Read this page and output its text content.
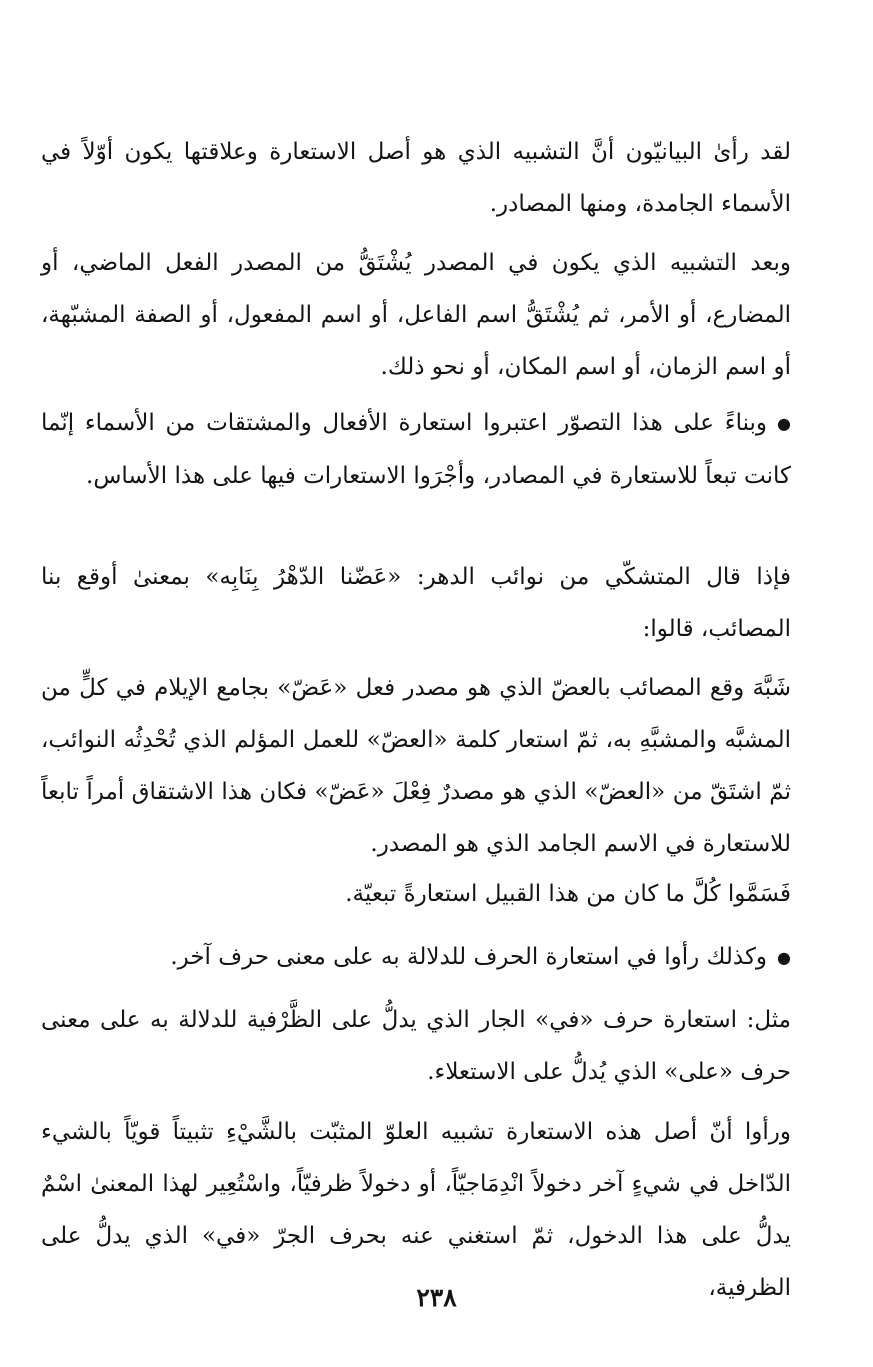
لقد رأىٰ البيانيّون أنَّ التشبيه الذي هو أصل الاستعارة وعلاقتها يكون أوّلاً في الأسماء الجامدة، ومنها المصادر.

وبعد التشبيه الذي يكون في المصدر يُشْتَقُّ من المصدر الفعل الماضي، أو المضارع، أو الأمر، ثم يُشْتَقُّ اسم الفاعل، أو اسم المفعول، أو الصفة المشبّهة، أو اسم الزمان، أو اسم المكان، أو نحو ذلك.

●وبناءً على هذا التصوّر اعتبروا استعارة الأفعال والمشتقات من الأسماء إنّما كانت تبعاً للاستعارة في المصادر، وأجْرَوا الاستعارات فيها على هذا الأساس.

فإذا قال المتشكّي من نوائب الدهر: «عَضّنا الدّهْرُ بِنَابِه» بمعنىٰ أوقع بنا المصائب، قالوا:

شَبَّهَ وقع المصائب بالعضّ الذي هو مصدر فعل «عَضّ» بجامع الإيلام في كلٍّ من المشبَّه والمشبَّهِ به، ثمّ استعار كلمة «العضّ» للعمل المؤلم الذي تُحْدِثُه النوائب، ثمّ اشتَقّ من «العضّ» الذي هو مصدرٌ فِعْلَ «عَضّ» فكان هذا الاشتقاق أمراً تابعاً للاستعارة في الاسم الجامد الذي هو المصدر.

فَسَمَّوا كُلَّ ما كان من هذا القبيل استعارةً تبعيّة.

●وكذلك رأوا في استعارة الحرف للدلالة به على معنى حرف آخر.

مثل: استعارة حرف «في» الجار الذي يدلُّ على الظَّرْفية للدلالة به على معنى حرف «على» الذي يُدلُّ على الاستعلاء.

ورأوا أنّ أصل هذه الاستعارة تشبيه العلوّ المثبّت بالشَّيْءِ تثبيتاً قويّاً بالشيء الدّاخل في شيءٍ آخر دخولاً انْدِمَاجيّاً، أو دخولاً ظرفيّاً، واسْتُعِير لهذا المعنىٰ اسْمٌ يدلُّ على هذا الدخول، ثمّ استغني عنه بحرف الجرّ «في» الذي يدلُّ على الظرفية،

٢٣٨
